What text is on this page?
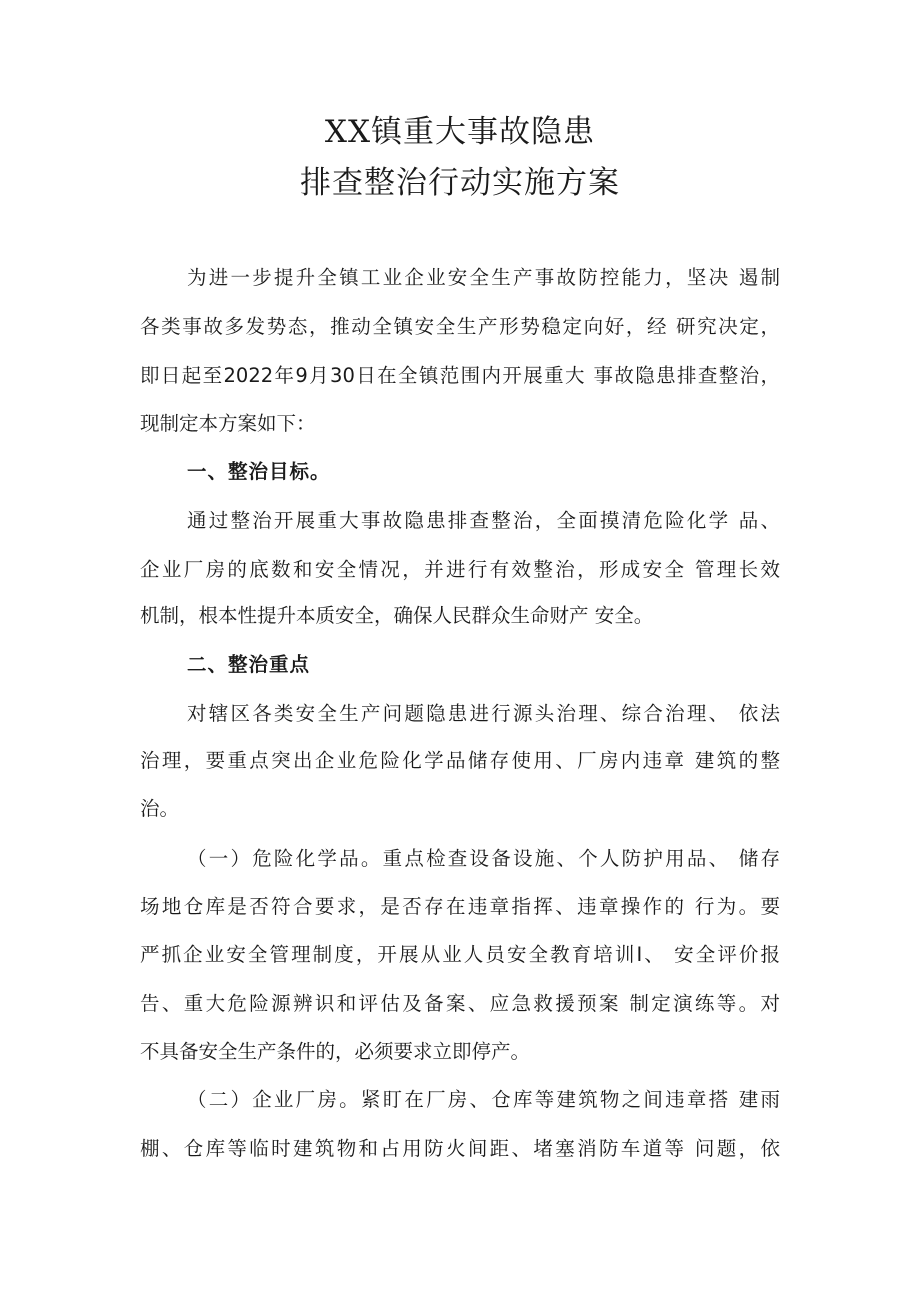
XX镇重大事故隐患
排查整治行动实施方案
为进一步提升全镇工业企业安全生产事故防控能力，坚决 遏制
各类事故多发势态，推动全镇安全生产形势稳定向好，经 研究决定，
即日起至2022年9月30日在全镇范围内开展重大 事故隐患排查整治，
现制定本方案如下：
一、整治目标。
通过整治开展重大事故隐患排查整治，全面摸清危险化学 品、
企业厂房的底数和安全情况，并进行有效整治，形成安全 管理长效
机制，根本性提升本质安全，确保人民群众生命财产 安全。
二、整治重点
对辖区各类安全生产问题隐患进行源头治理、综合治理、 依法
治理，要重点突出企业危险化学品储存使用、厂房内违章 建筑的整
治。
（一）危险化学品。重点检查设备设施、个人防护用品、 储存
场地仓库是否符合要求，是否存在违章指挥、违章操作的 行为。要
严抓企业安全管理制度，开展从业人员安全教育培训I、 安全评价报
告、重大危险源辨识和评估及备案、应急救援预案 制定演练等。对
不具备安全生产条件的，必须要求立即停产。
（二）企业厂房。紧盯在厂房、仓库等建筑物之间违章搭 建雨
棚、仓库等临时建筑物和占用防火间距、堵塞消防车道等 问题，依
